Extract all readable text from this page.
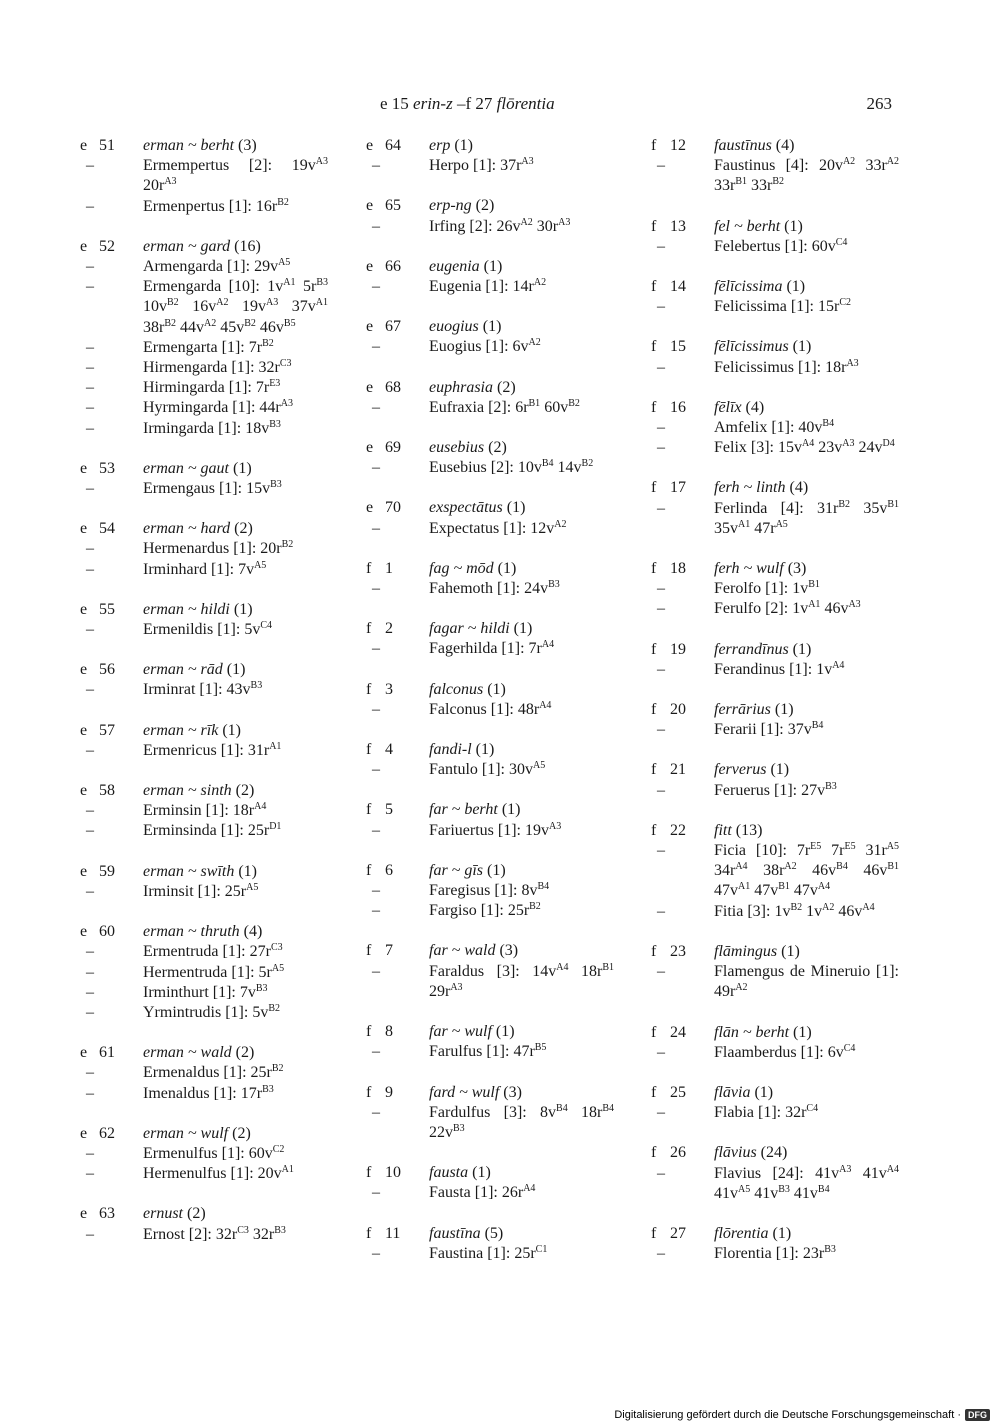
e 15 erin-z –f 27 flōrentia	263
e 51	erman ~ berht (3)
–	Ermempertus [2]: $19v^{A3}$ $20r^{A3}$
–	Ermenpertus [1]: $16r^{B2}$
e 52	erman ~ gard (16)
–	Armengarda [1]: $29v^{A5}$
–	Ermengarda [10]: $1v^{A1}$ $5r^{B3}$ $10v^{B2}$ $16v^{A2}$ $19v^{A3}$ $37v^{A1}$ $38r^{B2}$ $44v^{A2}$ $45v^{B2}$ $46v^{B5}$
–	Ermengarta [1]: $7r^{B2}$
–	Hirmengarda [1]: $32r^{C3}$
–	Hirmingarda [1]: $7r^{E3}$
–	Hyrmingarda [1]: $44r^{A3}$
–	Irmingarda [1]: $18v^{B3}$
e 53	erman ~ gaut (1)
–	Ermengaus [1]: $15v^{B3}$
e 54	erman ~ hard (2)
–	Hermenardus [1]: $20r^{B2}$
–	Irminhard [1]: $7v^{A5}$
e 55	erman ~ hildi (1)
–	Ermenildis [1]: $5v^{C4}$
e 56	erman ~ rād (1)
–	Irminrat [1]: $43v^{B3}$
e 57	erman ~ rīk (1)
–	Ermenricus [1]: $31r^{A1}$
e 58	erman ~ sinth (2)
–	Erminsin [1]: $18r^{A4}$
–	Erminsinda [1]: $25r^{D1}$
e 59	erman ~ swīth (1)
–	Irminsit [1]: $25r^{A5}$
e 60	erman ~ thruth (4)
–	Ermentruda [1]: $27r^{C3}$
–	Hermentruda [1]: $5r^{A5}$
–	Irminthurt [1]: $7v^{B3}$
–	Yrmintrudis [1]: $5v^{B2}$
e 61	erman ~ wald (2)
–	Ermenaldus [1]: $25r^{B2}$
–	Imenaldus [1]: $17r^{B3}$
e 62	erman ~ wulf (2)
–	Ermenulfus [1]: $60v^{C2}$
–	Hermenulfus [1]: $20v^{A1}$
e 63	ernust (2)
–	Ernost [2]: $32r^{C3}$ $32r^{B3}$
e 64	erp (1)
–	Herpo [1]: $37r^{A3}$
e 65	erp-ng (2)
–	Irfing [2]: $26v^{A2}$ $30r^{A3}$
e 66	eugenia (1)
–	Eugenia [1]: $14r^{A2}$
e 67	euogius (1)
–	Euogius [1]: $6v^{A2}$
e 68	euphrasia (2)
–	Eufraxia [2]: $6r^{B1}$ $60v^{B2}$
e 69	eusebius (2)
–	Eusebius [2]: $10v^{B4}$ $14v^{B2}$
e 70	exspectātus (1)
–	Expectatus [1]: $12v^{A2}$
f 1	fag ~ mōd (1)
–	Fahemoth [1]: $24v^{B3}$
f 2	fagar ~ hildi (1)
–	Fagerhilda [1]: $7r^{A4}$
f 3	falconus (1)
–	Falconus [1]: $48r^{A4}$
f 4	fandi-l (1)
–	Fantulo [1]: $30v^{A5}$
f 5	far ~ berht (1)
–	Fariuertus [1]: $19v^{A3}$
f 6	far ~ gīs (1)
–	Faregisus [1]: $8v^{B4}$
–	Fargiso [1]: $25r^{B2}$
f 7	far ~ wald (3)
–	Faraldus [3]: $14v^{A4}$ $18r^{B1}$ $29r^{A3}$
f 8	far ~ wulf (1)
–	Farulfus [1]: $47r^{B5}$
f 9	fard ~ wulf (3)
–	Fardulfus [3]: $8v^{B4}$ $18r^{B4}$ $22v^{B3}$
f 10	fausta (1)
–	Fausta [1]: $26r^{A4}$
f 11	faustīna (5)
–	Faustina [1]: $25r^{C1}$
f 12	faustīnus (4)
–	Faustinus [4]: $20v^{A2}$ $33r^{A2}$ $33r^{B1}$ $33r^{B2}$
f 13	fel ~ berht (1)
–	Felebertus [1]: $60v^{C4}$
f 14	fēlīcissima (1)
–	Felicissima [1]: $15r^{C2}$
f 15	fēlīcissimus (1)
–	Felicissimus [1]: $18r^{A3}$
f 16	fēlīx (4)
–	Amfelix [1]: $40v^{B4}$
–	Felix [3]: $15v^{A4}$ $23v^{A3}$ $24v^{D4}$
f 17	ferh ~ linth (4)
–	Ferlinda [4]: $31r^{B2}$ $35v^{B1}$ $35v^{A1}$ $47r^{A5}$
f 18	ferh ~ wulf (3)
–	Ferolfo [1]: $1v^{B1}$
–	Ferulfo [2]: $1v^{A1}$ $46v^{A3}$
f 19	ferrandīnus (1)
–	Ferandinus [1]: $1v^{A4}$
f 20	ferrārius (1)
–	Ferarii [1]: $37v^{B4}$
f 21	ferverus (1)
–	Feruerus [1]: $27v^{B3}$
f 22	fitt (13)
–	Ficia [10]: $7r^{E5}$ $7r^{E5}$ $31r^{A5}$ $34r^{A4}$ $38r^{A2}$ $46v^{B4}$ $46v^{B1}$ $47v^{A1}$ $47v^{B1}$ $47v^{A4}$
–	Fitia [3]: $1v^{B2}$ $1v^{A2}$ $46v^{A4}$
f 23	flāmingus (1)
–	Flamengus de Mineruio [1]: $49r^{A2}$
f 24	flān ~ berht (1)
–	Flaamberdus [1]: $6v^{C4}$
f 25	flāvia (1)
–	Flabia [1]: $32r^{C4}$
f 26	flāvius (24)
–	Flavius [24]: $41v^{A3}$ $41v^{A4}$ $41v^{A5}$ $41v^{B3}$ $41v^{B4}$
f 27	flōrentia (1)
–	Florentia [1]: $23r^{B3}$
Digitalisierung gefördert durch die Deutsche Forschungsgemeinschaft · DFG
